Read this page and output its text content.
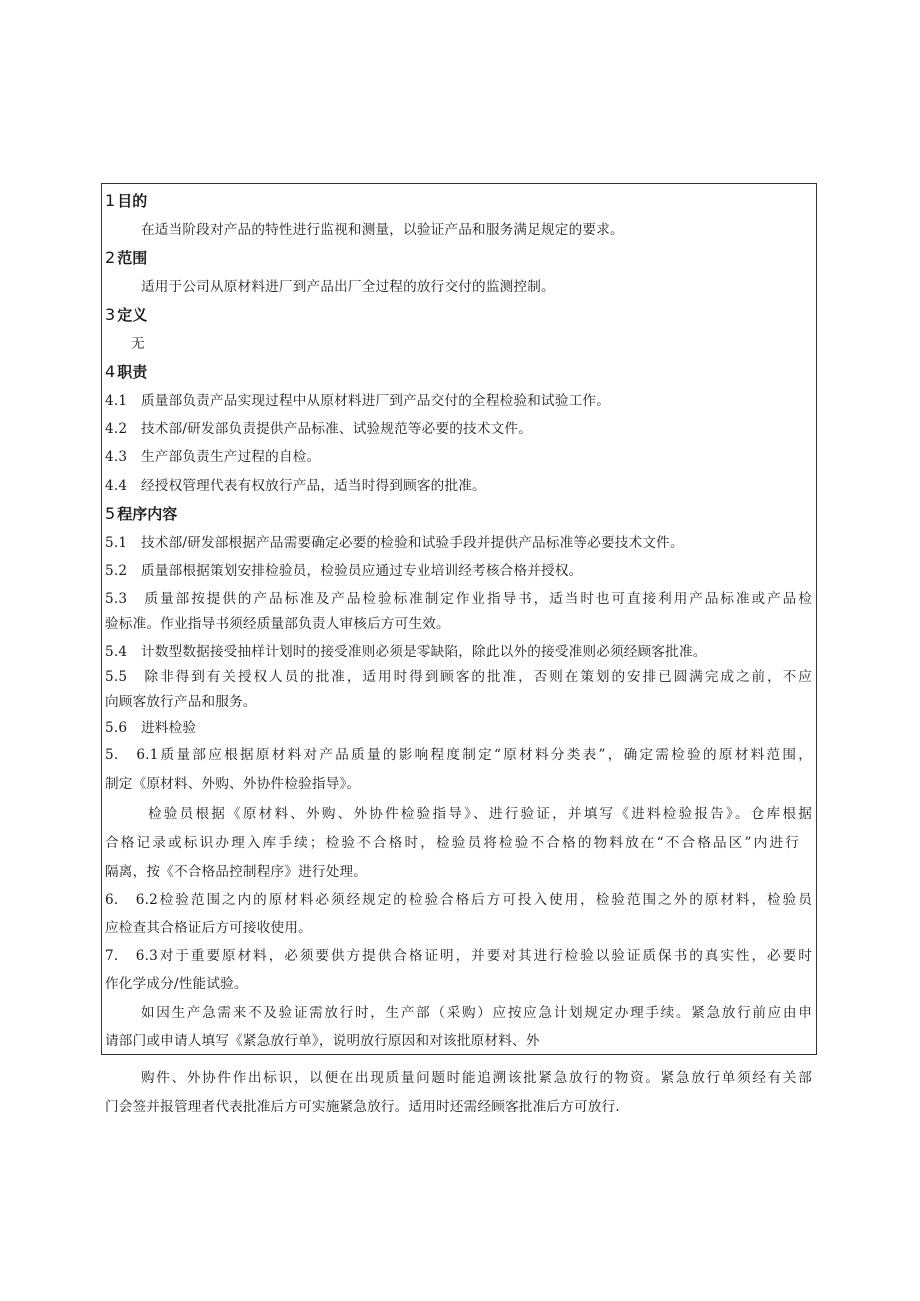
1 目的
在适当阶段对产品的特性进行监视和测量，以验证产品和服务满足规定的要求。
2 范围
适用于公司从原材料进厂到产品出厂全过程的放行交付的监测控制。
3 定义
无
4 职责
4.1　质量部负责产品实现过程中从原材料进厂到产品交付的全程检验和试验工作。
4.2　技术部/研发部负责提供产品标准、试验规范等必要的技术文件。
4.3　生产部负责生产过程的自检。
4.4　经授权管理代表有权放行产品，适当时得到顾客的批准。
5 程序内容
5.1　技术部/研发部根据产品需要确定必要的检验和试验手段并提供产品标准等必要技术文件。
5.2　质量部根据策划安排检验员，检验员应通过专业培训经考核合格并授权。
5.3　质量部按提供的产品标准及产品检验标准制定作业指导书，适当时也可直接利用产品标准或产品检
验标准。作业指导书须经质量部负责人审核后方可生效。
5.4　计数型数据接受抽样计划时的接受准则必须是零缺陷，除此以外的接受准则必须经顾客批准。
5.5　除非得到有关授权人员的批准，适用时得到顾客的批准，否则在策划的安排已圆满完成之前，不应
向顾客放行产品和服务。
5.6　进料检验
5.　6.1质量部应根据原材料对产品质量的影响程度制定“原材料分类表”，确定需检验的原材料范围，
制定《原材料、外购、外协件检验指导》。
检验员根据《原材料、外购、外协件检验指导》、进行验证，并填写《进料检验报告》。仓库根据
合格记录或标识办理入库手续；检验不合格时，检验员将检验不合格的物料放在“不合格品区”内进行
隔离，按《不合格品控制程序》进行处理。
6.　6.2检验范围之内的原材料必须经规定的检验合格后方可投入使用，检验范围之外的原材料，检验员
应检查其合格证后方可接收使用。
7.　6.3对于重要原材料，必须要供方提供合格证明，并要对其进行检验以验证质保书的真实性，必要时
作化学成分/性能试验。
如因生产急需来不及验证需放行时，生产部（采购）应按应急计划规定办理手续。紧急放行前应由申
请部门或申请人填写《紧急放行单》，说明放行原因和对该批原材料、外
购件、外协件作出标识，以便在出现质量问题时能追溯该批紧急放行的物资。紧急放行单须经有关部
门会签并报管理者代表批准后方可实施紧急放行。适用时还需经顾客批准后方可放行.
